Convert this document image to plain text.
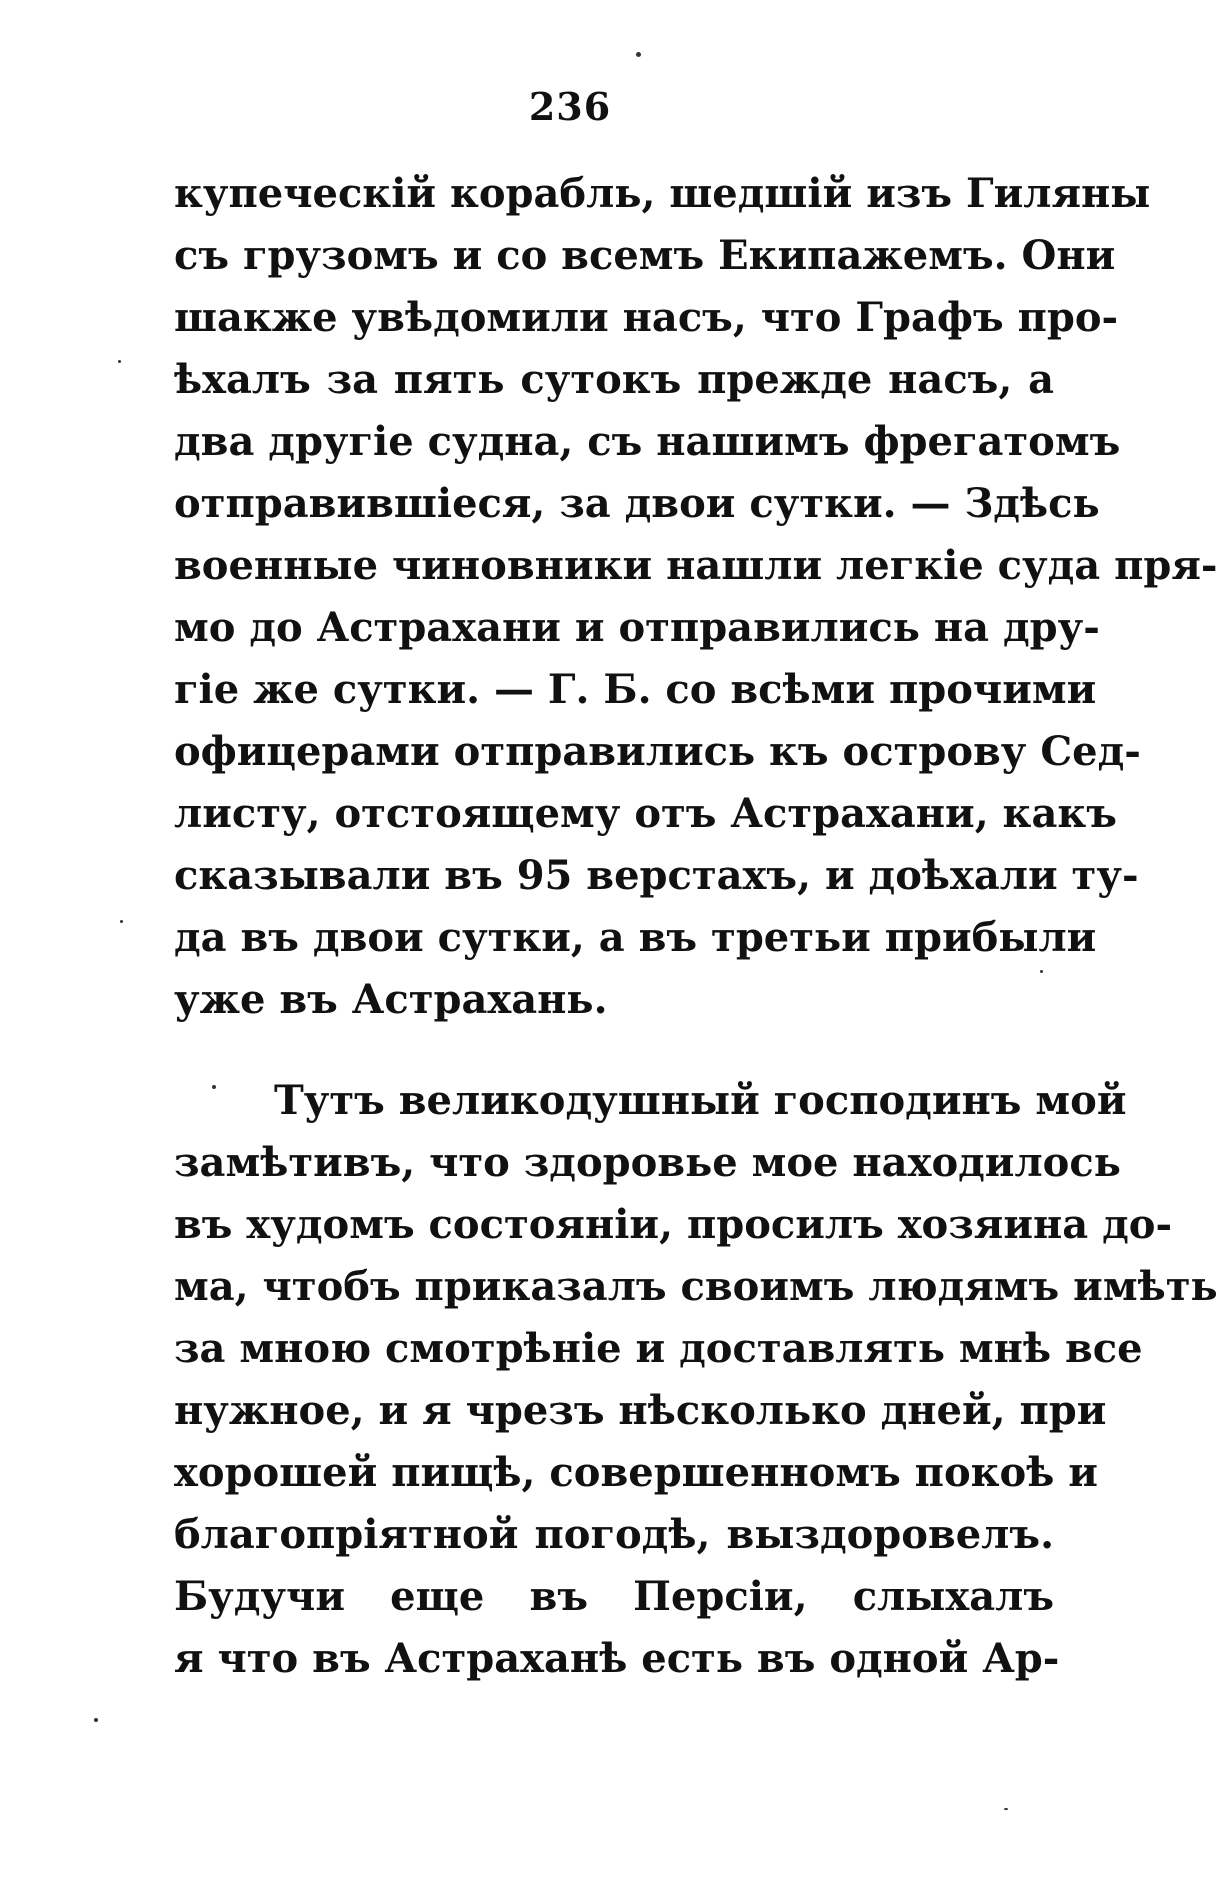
236
купеческій корабль, шедшій изъ Гиляны
съ грузомъ и со всемъ Екипажемъ. Они
шакже увѣдомили насъ, что Графъ про-
ѣхалъ за пять сутокъ прежде насъ, а
два другіе судна, съ нашимъ фрегатомъ
отправившіеся, за двои сутки. — Здѣсь
военные чиновники нашли легкіе суда пря-
мо до Астрахани и отправились на дру-
гіе же сутки. — Г. Б. со всѣми прочими
офицерами отправились къ острову Сед-
листу, отстоящему отъ Астрахани, какъ
сказывали въ 95 верстахъ, и доѣхали ту-
да въ двои сутки, а въ третьи прибыли
уже въ Астрахань.
Тутъ великодушный господинъ мой
замѣтивъ, что здоровье мое находилось
въ худомъ состояніи, просилъ хозяина до-
ма, чтобъ приказалъ своимъ людямъ имѣть
за мною смотрѣніе и доставлять мнѣ все
нужное, и я чрезъ нѣсколько дней, при
хорошей пищѣ, совершенномъ покоѣ и
благопріятной погодѣ, выздоровелъ.
Будучи еще въ Персіи, слыхалъ
я что въ Астраханѣ есть въ одной Ар-
